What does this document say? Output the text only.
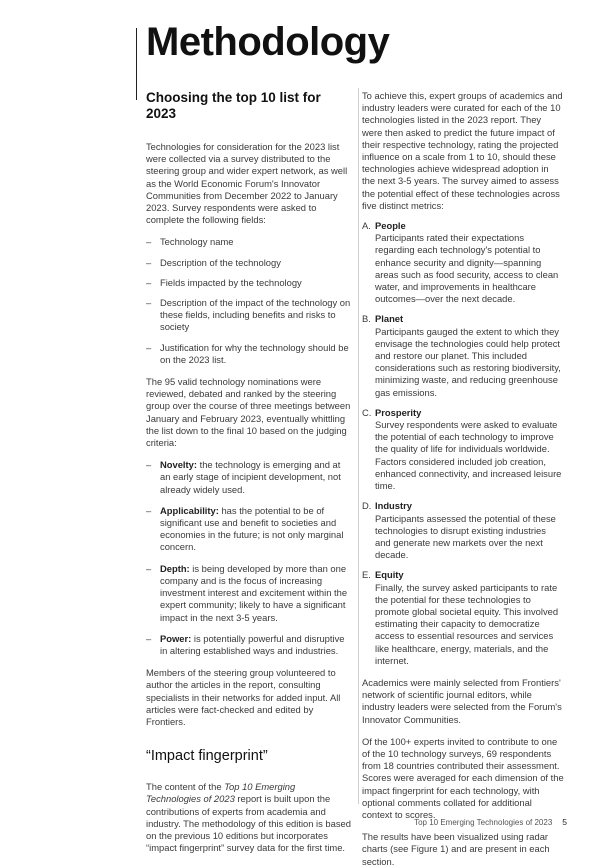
Methodology
Choosing the top 10 list for 2023

Technologies for consideration for the 2023 list were collected via a survey distributed to the steering group and wider expert network, as well as the World Economic Forum's Innovator Communities from December 2022 to January 2023. Survey respondents were asked to complete the following fields:

– Technology name
– Description of the technology
– Fields impacted by the technology
– Description of the impact of the technology on these fields, including benefits and risks to society
– Justification for why the technology should be on the 2023 list.

The 95 valid technology nominations were reviewed, debated and ranked by the steering group over the course of three meetings between January and February 2023, eventually whittling the list down to the final 10 based on the judging criteria:

– Novelty: the technology is emerging and at an early stage of incipient development, not already widely used.
– Applicability: has the potential to be of significant use and benefit to societies and economies in the future; is not only marginal concern.
– Depth: is being developed by more than one company and is the focus of increasing investment interest and excitement within the expert community; likely to have a significant impact in the next 3-5 years.
– Power: is potentially powerful and disruptive in altering established ways and industries.

Members of the steering group volunteered to author the articles in the report, consulting specialists in their networks for added input. All articles were fact-checked and edited by Frontiers.

“Impact fingerprint”

The content of the Top 10 Emerging Technologies of 2023 report is built upon the contributions of experts from academia and industry. The methodology of this edition is based on the previous 10 editions but incorporates “impact fingerprint” survey data for the first time.

To achieve this, expert groups of academics and industry leaders were curated for each of the 10 technologies listed in the 2023 report. They were then asked to predict the future impact of their respective technology, rating the projected influence on a scale from 1 to 10, should these technologies achieve widespread adoption in the next 3-5 years. The survey aimed to assess the potential effect of these technologies across five distinct metrics:

A. People
Participants rated their expectations regarding each technology's potential to enhance security and dignity—spanning areas such as food security, access to clean water, and improvements in healthcare outcomes—over the next decade.
B. Planet
Participants gauged the extent to which they envisage the technologies could help protect and restore our planet. This included considerations such as restoring biodiversity, minimizing waste, and reducing greenhouse gas emissions.
C. Prosperity
Survey respondents were asked to evaluate the potential of each technology to improve the quality of life for individuals worldwide. Factors considered included job creation, enhanced connectivity, and increased leisure time.
D. Industry
Participants assessed the potential of these technologies to disrupt existing industries and generate new markets over the next decade.
E. Equity
Finally, the survey asked participants to rate the potential for these technologies to promote global societal equity. This involved estimating their capacity to democratize access to essential resources and services like healthcare, energy, materials, and the internet.

Academics were mainly selected from Frontiers' network of scientific journal editors, while industry leaders were selected from the Forum's Innovator Communities.

Of the 100+ experts invited to contribute to one of the 10 technology surveys, 69 respondents from 18 countries contributed their assessment. Scores were averaged for each dimension of the impact fingerprint for each technology, with optional comments collated for additional context to scores.

The results have been visualized using radar charts (see Figure 1) and are present in each section.

Top 10 Emerging Technologies of 2023 5
